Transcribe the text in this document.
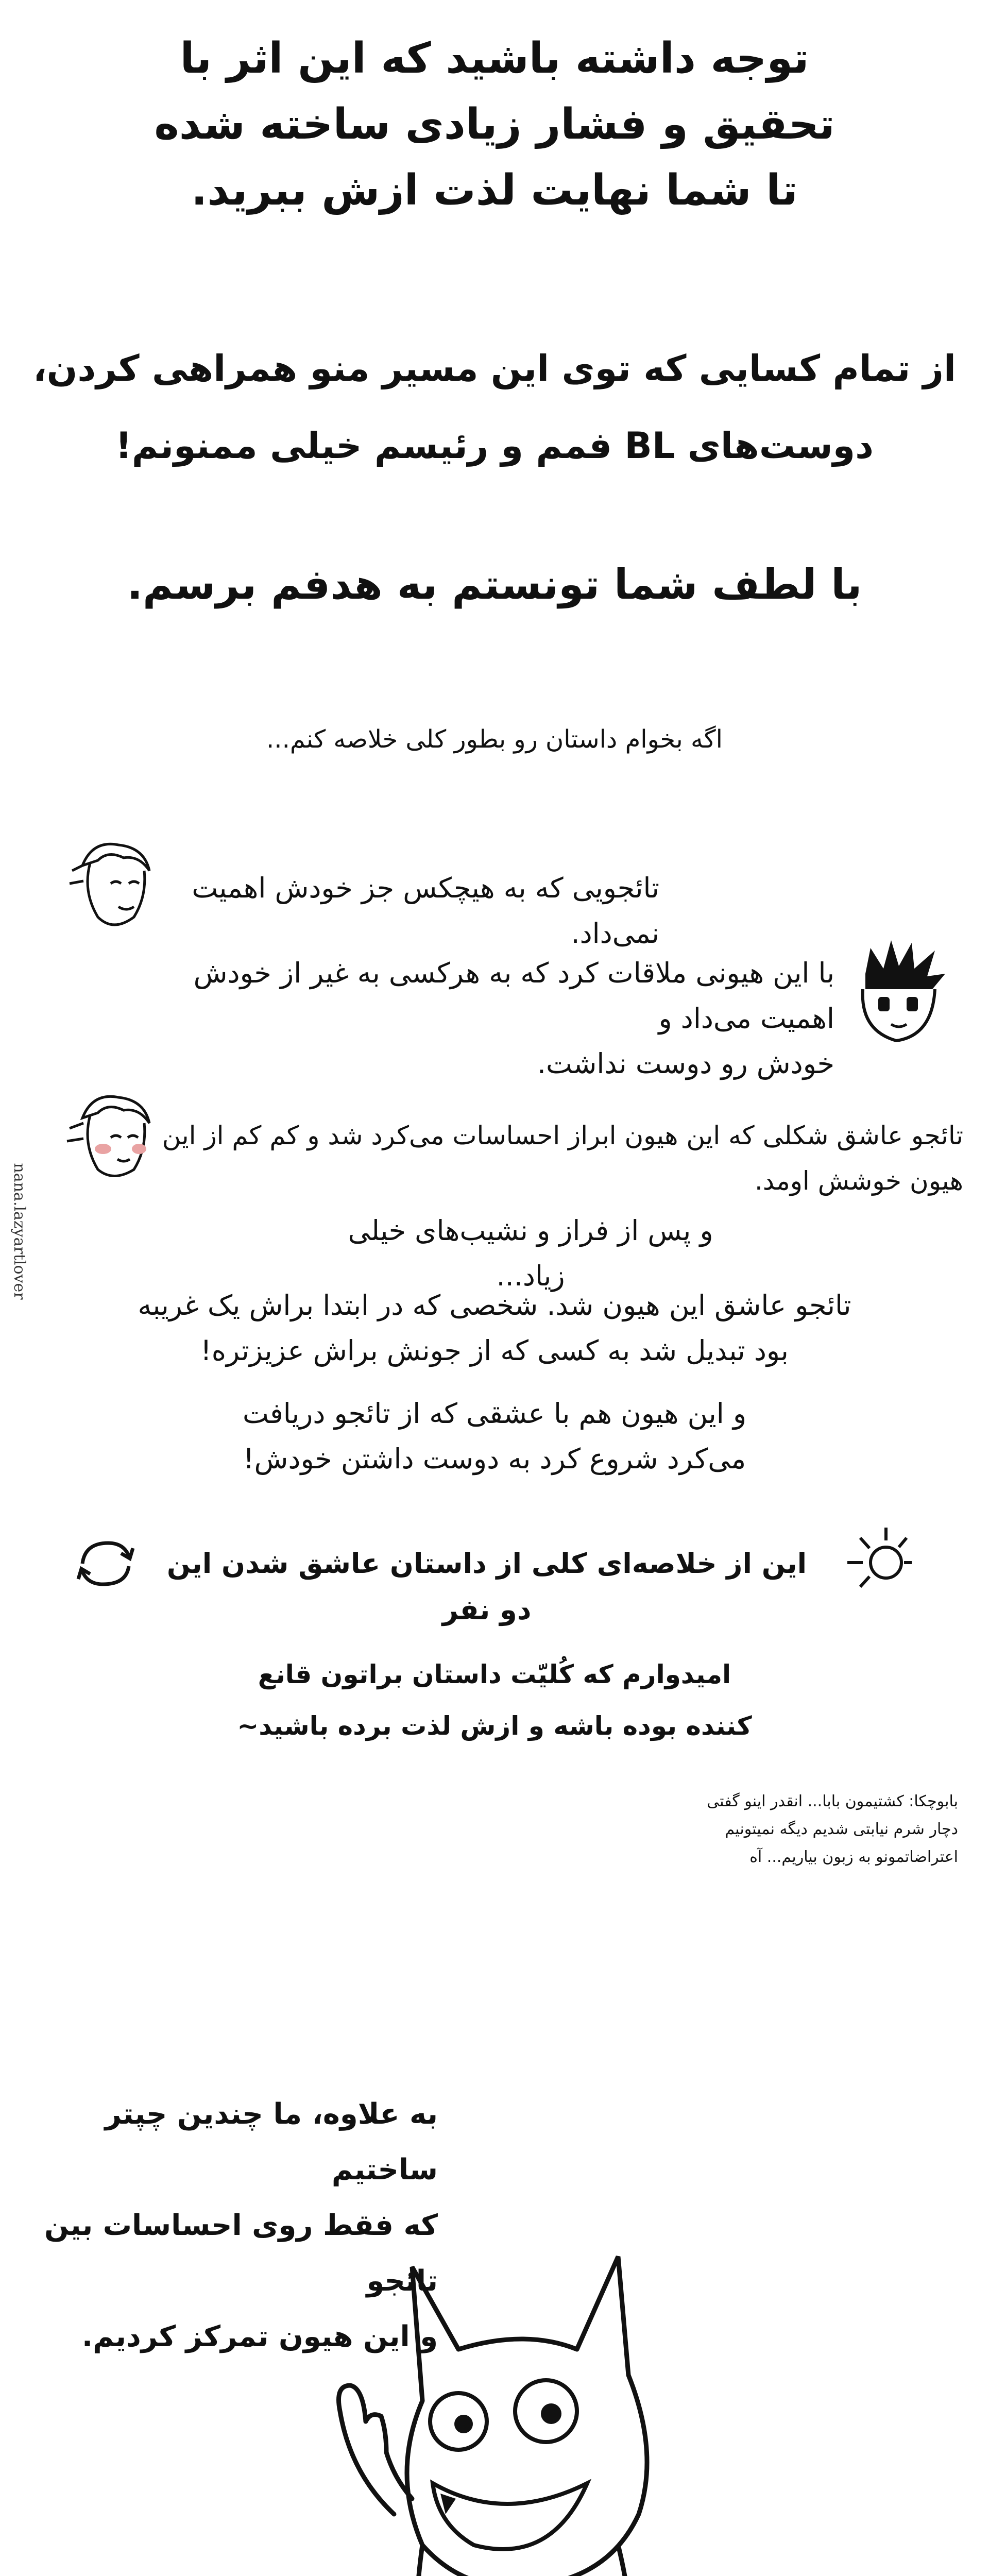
توجه داشته باشید که این اثر با
تحقیق و فشار زیادی ساخته شده
تا شما نهایت لذت ازش ببرید.
از تمام کسایی که توی این مسیر منو همراهی کردن،
دوست‌های BL فمم و رئیسم خیلی ممنونم!
با لطف شما تونستم به هدفم برسم.
اگه بخوام داستان رو بطور کلی خلاصه کنم...
تائجویی که به هیچکس جز خودش اهمیت نمی‌داد.
با این هیونی ملاقات کرد که به هرکسی به غیر از خودش اهمیت می‌داد و
خودش رو دوست نداشت.
تائجو عاشق شکلی که این هیون ابراز احساسات می‌کرد شد و کم کم از این هیون خوشش اومد.
و پس از فراز و نشیب‌های خیلی زیاد...
تائجو عاشق این هیون شد. شخصی که در ابتدا براش یک غریبه
بود تبدیل شد به کسی که از جونش براش عزیزتره!
و این هیون هم با عشقی که از تائجو دریافت
می‌کرد شروع کرد به دوست داشتن خودش!
این از خلاصه‌ای کلی از داستان عاشق شدن این دو نفر
امیدوارم که کُلیّت داستان براتون قانع
کننده بوده باشه و ازش لذت برده باشید~
بابوچکا: کشتیمون بابا... انقدر اینو گفتی
دچار شرم نیابتی شدیم دیگه نمیتونیم
اعتراضاتمونو به زبون بیاریم... آه
nana.lazyartlover
به علاوه، ما چندین چپتر ساختیم
که فقط روی احساسات بین تائجو
و این هیون تمرکز کردیم.
